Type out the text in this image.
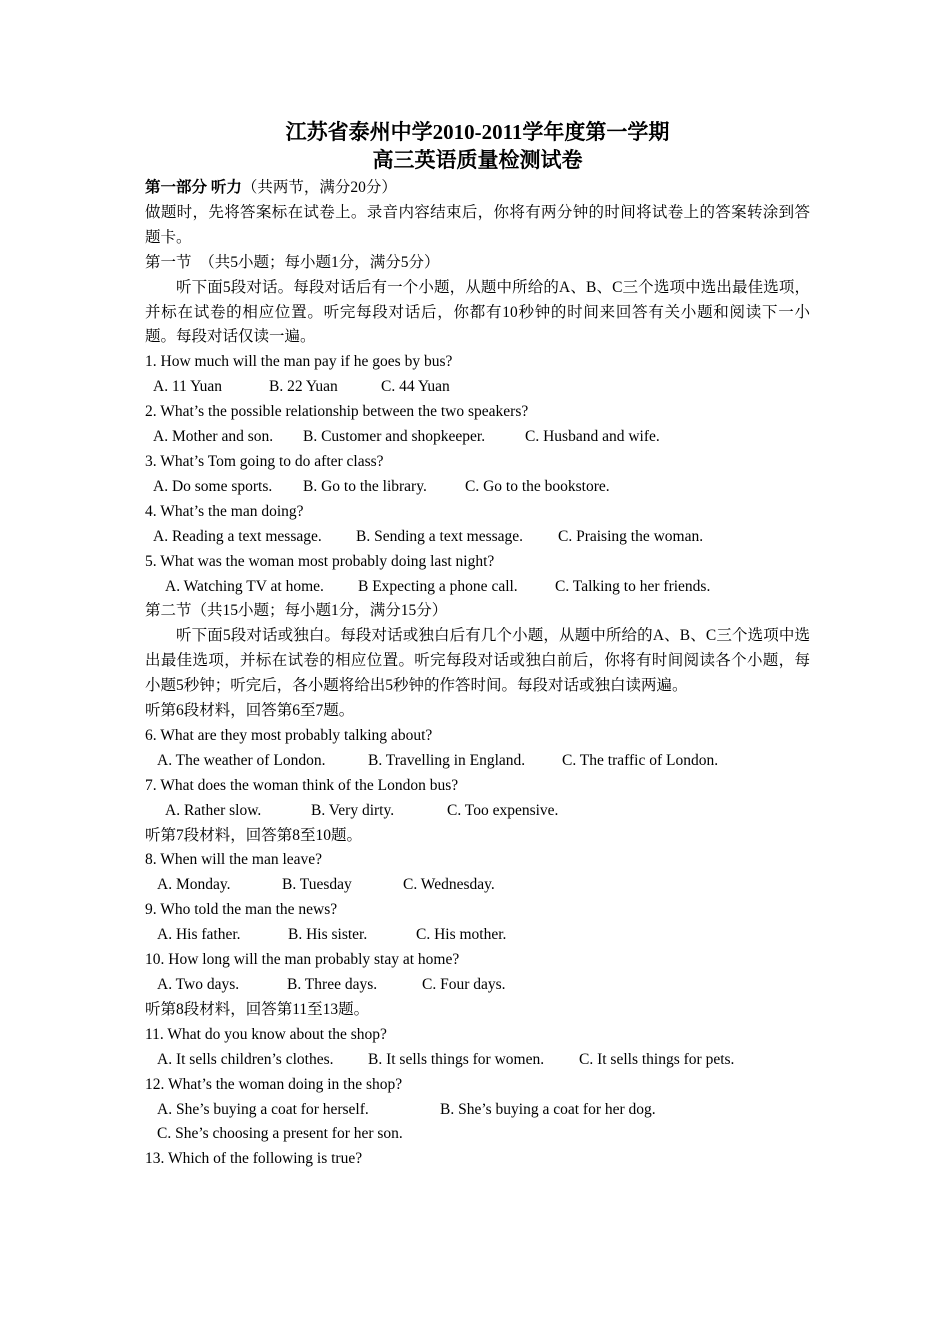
江苏省泰州中学2010-2011学年度第一学期

高三英语质量检测试卷

第一部分 听力（共两节，满分20分）

做题时，先将答案标在试卷上。录音内容结束后，你将有两分钟的时间将试卷上的答案转涂到答题卡。

第一节　（共5小题；每小题1分，满分5分）

听下面5段对话。每段对话后有一个小题，从题中所给的A、B、C三个选项中选出最佳选项，并标在试卷的相应位置。听完每段对话后，你都有10秒钟的时间来回答有关小题和阅读下一小题。每段对话仅读一遍。

1. How much will the man pay if he goes by bus?

A. 11 Yuan	B. 22 Yuan	C. 44 Yuan

2. What’s the possible relationship between the two speakers?

A. Mother and son. B. Customer and shopkeeper.	C. Husband and wife.

3. What’s Tom going to do after class?

A. Do some sports. B. Go to the library. C. Go to the bookstore.

4. What’s the man doing?

A. Reading a text message. B. Sending a text message. C. Praising the woman.

5. What was the woman most probably doing last night?

A. Watching TV at home. B Expecting a phone call. C. Talking to her friends.

第二节（共15小题；每小题1分，满分15分）

听下面5段对话或独白。每段对话或独白后有几个小题，从题中所给的A、B、C三个选项中选出最佳选项，并标在试卷的相应位置。听完每段对话或独白前后，你将有时间阅读各个小题，每小题5秒钟；听完后，各小题将给出5秒钟的作答时间。每段对话或独白读两遍。

听第6段材料，回答第6至7题。

6. What are they most probably talking about?

A. The weather of London.	B. Travelling in England. C. The traffic of London.

7. What does the woman think of the London bus?

A. Rather slow.	B. Very dirty.	C. Too expensive.

听第7段材料，回答第8至10题。

8. When will the man leave?

A. Monday.	B. Tuesday	C. Wednesday.

9. Who told the man the news?

A. His father.	B. His sister.	C. His mother.

10. How long will the man probably stay at home?

A. Two days.	B. Three days.	C. Four days.

听第8段材料，回答第11至13题。

11. What do you know about the shop?

A. It sells children’s clothes. B. It sells things for women. C. It sells things for pets.

12. What’s the woman doing in the shop?

A. She’s buying a coat for herself.	B. She’s buying a coat for her dog.

C. She’s choosing a present for her son.

13. Which of the following is true?
